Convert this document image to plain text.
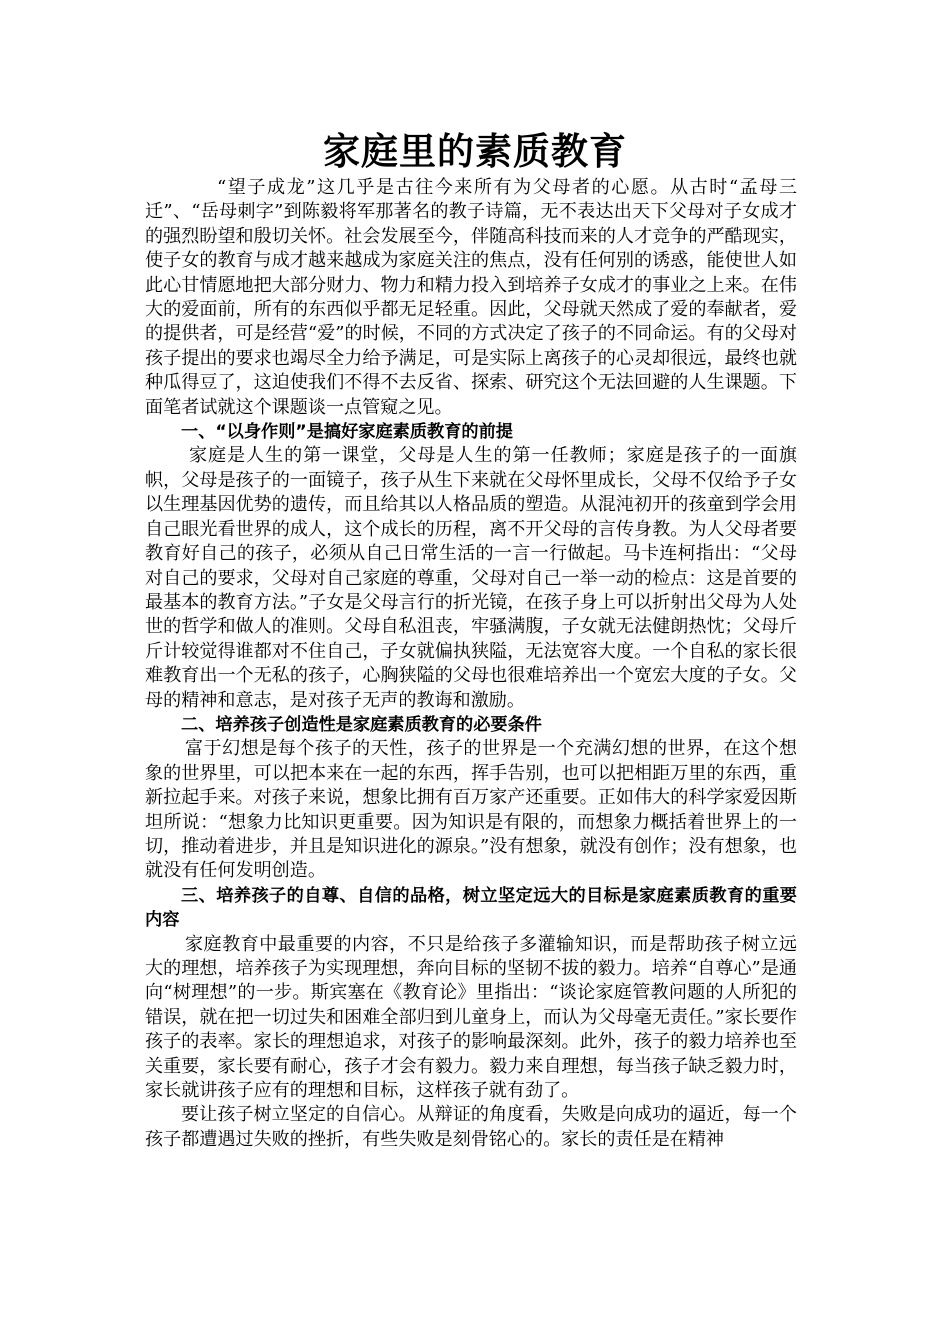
家庭里的素质教育

“望子成龙”这几乎是古往今来所有为父母者的心愿。从古时“孟母三迁”、“岳母刺字”到陈毅将军那著名的教子诗篇，无不表达出天下父母对子女成才的强烈盼望和殷切关怀。社会发展至今，伴随高科技而来的人才竞争的严酷现实，使子女的教育与成才越来越成为家庭关注的焦点，没有任何别的诱惑，能使世人如此心甘情愿地把大部分财力、物力和精力投入到培养子女成才的事业之上来。在伟大的爱面前，所有的东西似乎都无足轻重。因此，父母就天然成了爱的奉献者，爱的提供者，可是经营“爱”的时候，不同的方式决定了孩子的不同命运。有的父母对孩子提出的要求也竭尽全力给予满足，可是实际上离孩子的心灵却很远，最终也就种瓜得豆了，这迫使我们不得不去反省、探索、研究这个无法回避的人生课题。下面笔者试就这个课题谈一点管窥之见。

一、“以身作则”是搞好家庭素质教育的前提

家庭是人生的第一课堂，父母是人生的第一任教师；家庭是孩子的一面旗帜，父母是孩子的一面镜子，孩子从生下来就在父母怀里成长，父母不仅给予子女以生理基因优势的遗传，而且给其以人格品质的塑造。从混沌初开的孩童到学会用自己眼光看世界的成人，这个成长的历程，离不开父母的言传身教。为人父母者要教育好自己的孩子，必须从自己日常生活的一言一行做起。马卡连柯指出：“父母对自己的要求，父母对自己家庭的尊重，父母对自己一举一动的检点：这是首要的最基本的教育方法。”子女是父母言行的折光镜，在孩子身上可以折射出父母为人处世的哲学和做人的准则。父母自私沮丧，牢骚满腹，子女就无法健朗热忱；父母斤斤计较觉得谁都对不住自己，子女就偏执狭隘，无法宽容大度。一个自私的家长很难教育出一个无私的孩子，心胸狭隘的父母也很难培养出一个宽宏大度的子女。父母的精神和意志，是对孩子无声的教诲和激励。

二、培养孩子创造性是家庭素质教育的必要条件

富于幻想是每个孩子的天性，孩子的世界是一个充满幻想的世界，在这个想象的世界里，可以把本来在一起的东西，挥手告别，也可以把相距万里的东西，重新拉起手来。对孩子来说，想象比拥有百万家产还重要。正如伟大的科学家爱因斯坦所说：“想象力比知识更重要。因为知识是有限的，而想象力概括着世界上的一切，推动着进步，并且是知识进化的源泉。”没有想象，就没有创作；没有想象，也就没有任何发明创造。

三、培养孩子的自尊、自信的品格，树立坚定远大的目标是家庭素质教育的重要内容

家庭教育中最重要的内容，不只是给孩子多灌输知识，而是帮助孩子树立远大的理想，培养孩子为实现理想，奔向目标的坚韧不拔的毅力。培养“自尊心”是通向“树理想”的一步。斯宾塞在《教育论》里指出：“谈论家庭管教问题的人所犯的错误，就在把一切过失和困难全部归到儿童身上，而认为父母毫无责任。”家长要作孩子的表率。家长的理想追求，对孩子的影响最深刻。此外，孩子的毅力培养也至关重要，家长要有耐心，孩子才会有毅力。毅力来自理想，每当孩子缺乏毅力时，家长就讲孩子应有的理想和目标，这样孩子就有劲了。

要让孩子树立坚定的自信心。从辩证的角度看，失败是向成功的逼近，每一个孩子都遭遇过失败的挫折，有些失败是刻骨铭心的。家长的责任是在精神
